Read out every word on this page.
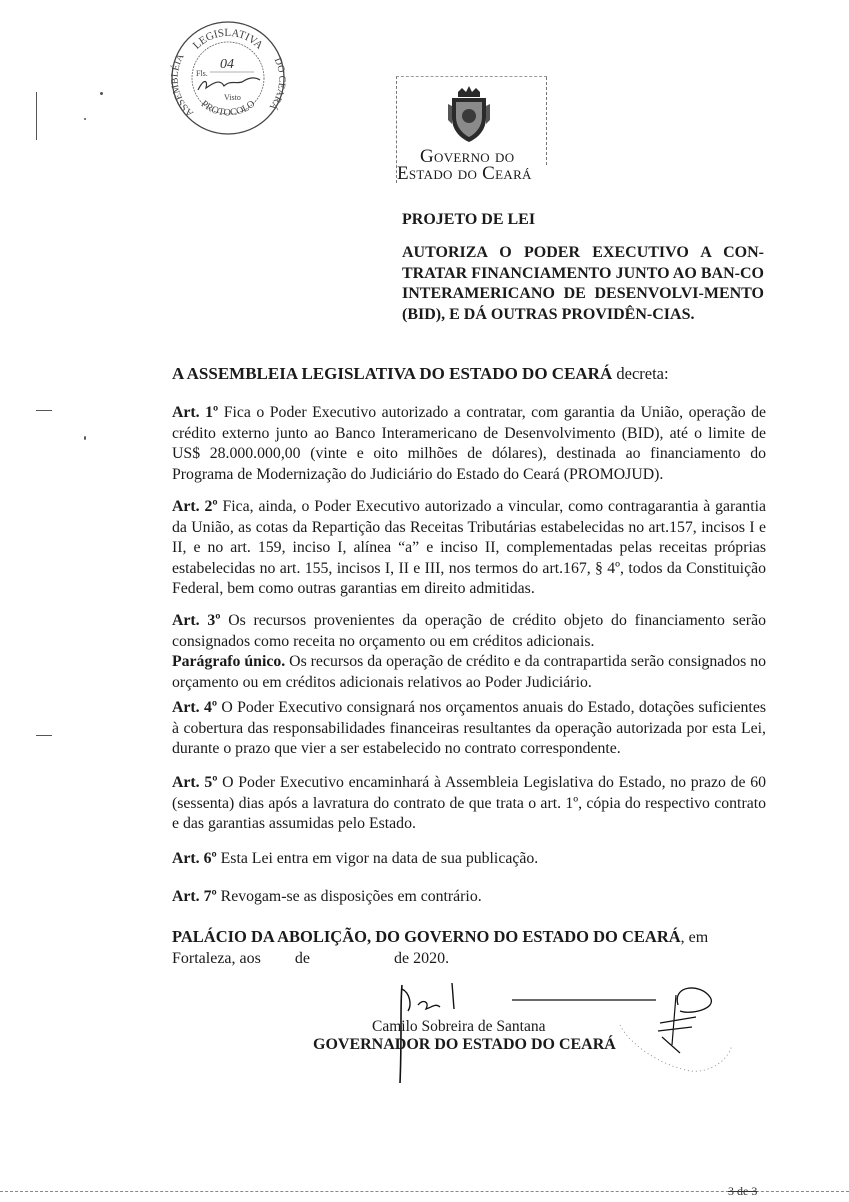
LEGISLATIVA
ASSEMBLÉIA	DO CEARÁ
PROTOCOLO
Fls.
04
Visto
Governo do
Estado do Ceará
PROJETO DE LEI
AUTORIZA O PODER EXECUTIVO A CON-TRATAR FINANCIAMENTO JUNTO AO BAN-CO INTERAMERICANO DE DESENVOLVI-MENTO (BID), E DÁ OUTRAS PROVIDÊN-CIAS.
A ASSEMBLEIA LEGISLATIVA DO ESTADO DO CEARÁ decreta:
Art. 1º Fica o Poder Executivo autorizado a contratar, com garantia da União, operação de crédito externo junto ao Banco Interamericano de Desenvolvimento (BID), até o limite de US$ 28.000.000,00 (vinte e oito milhões de dólares), destinada ao financiamento do Programa de Modernização do Judiciário do Estado do Ceará (PROMOJUD).
Art. 2º Fica, ainda, o Poder Executivo autorizado a vincular, como contragarantia à garantia da União, as cotas da Repartição das Receitas Tributárias estabelecidas no art.157, incisos I e II, e no art. 159, inciso I, alínea “a” e inciso II, complementadas pelas receitas próprias estabelecidas no art. 155, incisos I, II e III, nos termos do art.167, § 4º, todos da Constituição Federal, bem como outras garantias em direito admitidas.
Art. 3º Os recursos provenientes da operação de crédito objeto do financiamento serão consignados como receita no orçamento ou em créditos adicionais.
Parágrafo único. Os recursos da operação de crédito e da contrapartida serão consignados no orçamento ou em créditos adicionais relativos ao Poder Judiciário.
Art. 4º O Poder Executivo consignará nos orçamentos anuais do Estado, dotações suficientes à cobertura das responsabilidades financeiras resultantes da operação autorizada por esta Lei, durante o prazo que vier a ser estabelecido no contrato correspondente.
Art. 5º O Poder Executivo encaminhará à Assembleia Legislativa do Estado, no prazo de 60 (sessenta) dias após a lavratura do contrato de que trata o art. 1º, cópia do respectivo contrato e das garantias assumidas pelo Estado.
Art. 6º Esta Lei entra em vigor na data de sua publicação.
Art. 7º Revogam-se as disposições em contrário.
PALÁCIO DA ABOLIÇÃO, DO GOVERNO DO ESTADO DO CEARÁ, em Fortaleza, aos de	de 2020.
Camilo Sobreira de Santana
GOVERNADOR DO ESTADO DO CEARÁ
3 de 3
